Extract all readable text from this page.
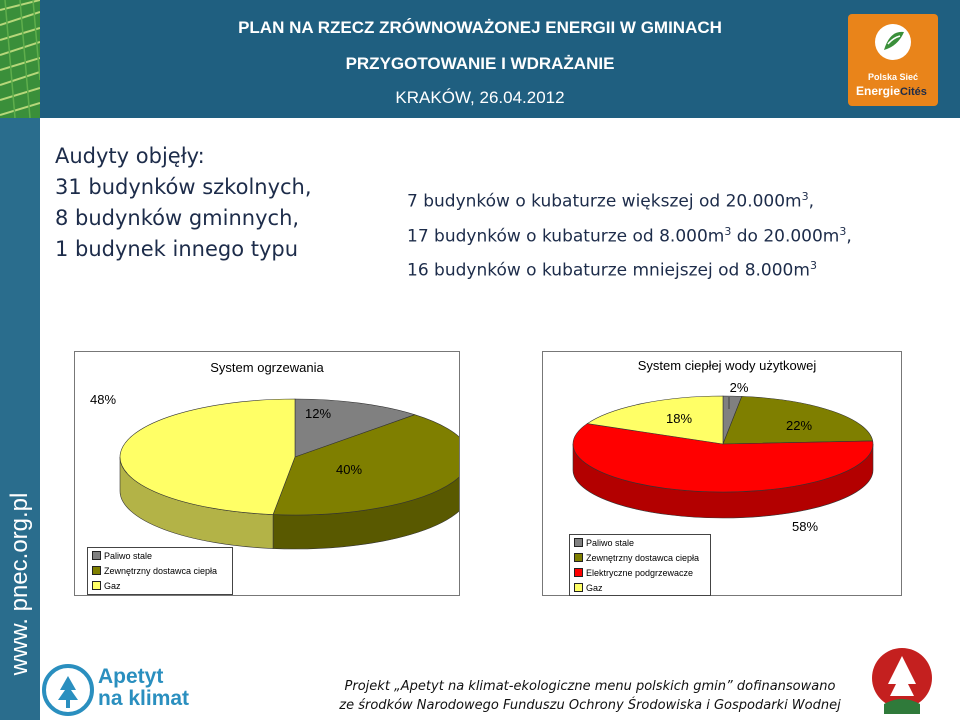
www. pnec.org.pl
PLAN NA RZECZ ZRÓWNOWAŻONEJ ENERGII W GMINACH
PRZYGOTOWANIE I WDRAŻANIE
KRAKÓW, 26.04.2012
Polska Sieć
Energie Cités
Audyty objęły:
31 budynków szkolnych,
8 budynków gminnych,
1 budynek innego typu
7 budynków o kubaturze większej od $20.000m^3$,
17 budynków o kubaturze od $8.000m^3$ do $20.000m^3$,
16 budynków o kubaturze mniejszej od $8.000m^3$
System ogrzewania
12%
40%
48%
Paliwo stale
Zewnętrzny dostawca ciepła
Gaz
System ciepłej wody użytkowej
2%
22%
58%
18%
Paliwo stale
Zewnętrzny dostawca ciepła
Elektryczne podgrzewacze
Gaz
Apetyt
na klimat
Projekt „Apetyt na klimat-ekologiczne menu polskich gmin” dofinansowano
ze środków Narodowego Funduszu Ochrony Środowiska i Gospodarki Wodnej
